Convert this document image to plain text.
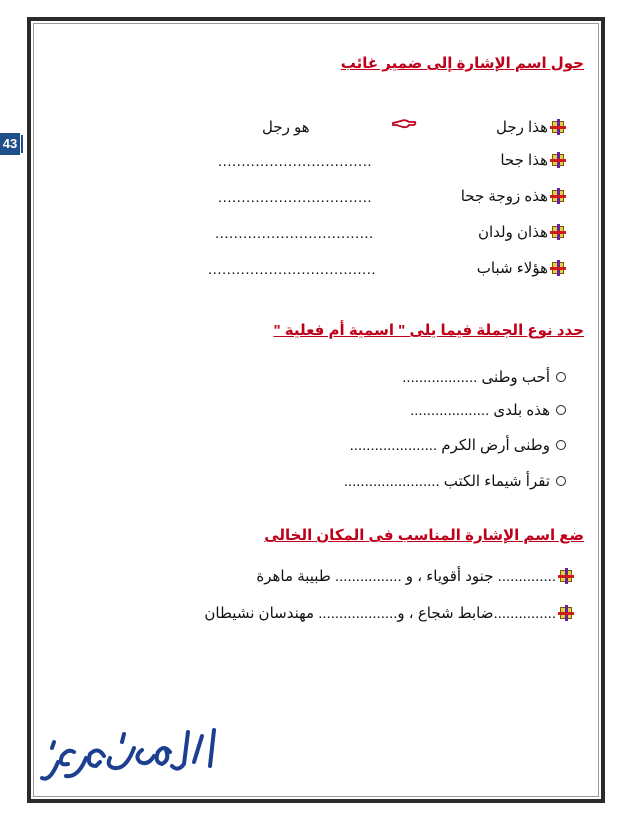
43
حول اسم الإشارة إلى ضمير غائب
هذا رجل
هو رجل
هذا جحا
.................................
هذه زوجة جحا
.................................
هذان ولدان
..................................
هؤلاء شباب
....................................
حدد نوع الجملة فيما يلى " اسمية أم فعلية "
أحب وطنى ..................
هذه بلدى ...................
وطنى أرض الكرم .....................
تقرأ شيماء الكتب .......................
ضع اسم الإشارة المناسب فى المكان الخالى
.............. جنود أقوياء ، و ................ طبيبة ماهرة
...............ضابط شجاع ، و................... مهندسان نشيطان
